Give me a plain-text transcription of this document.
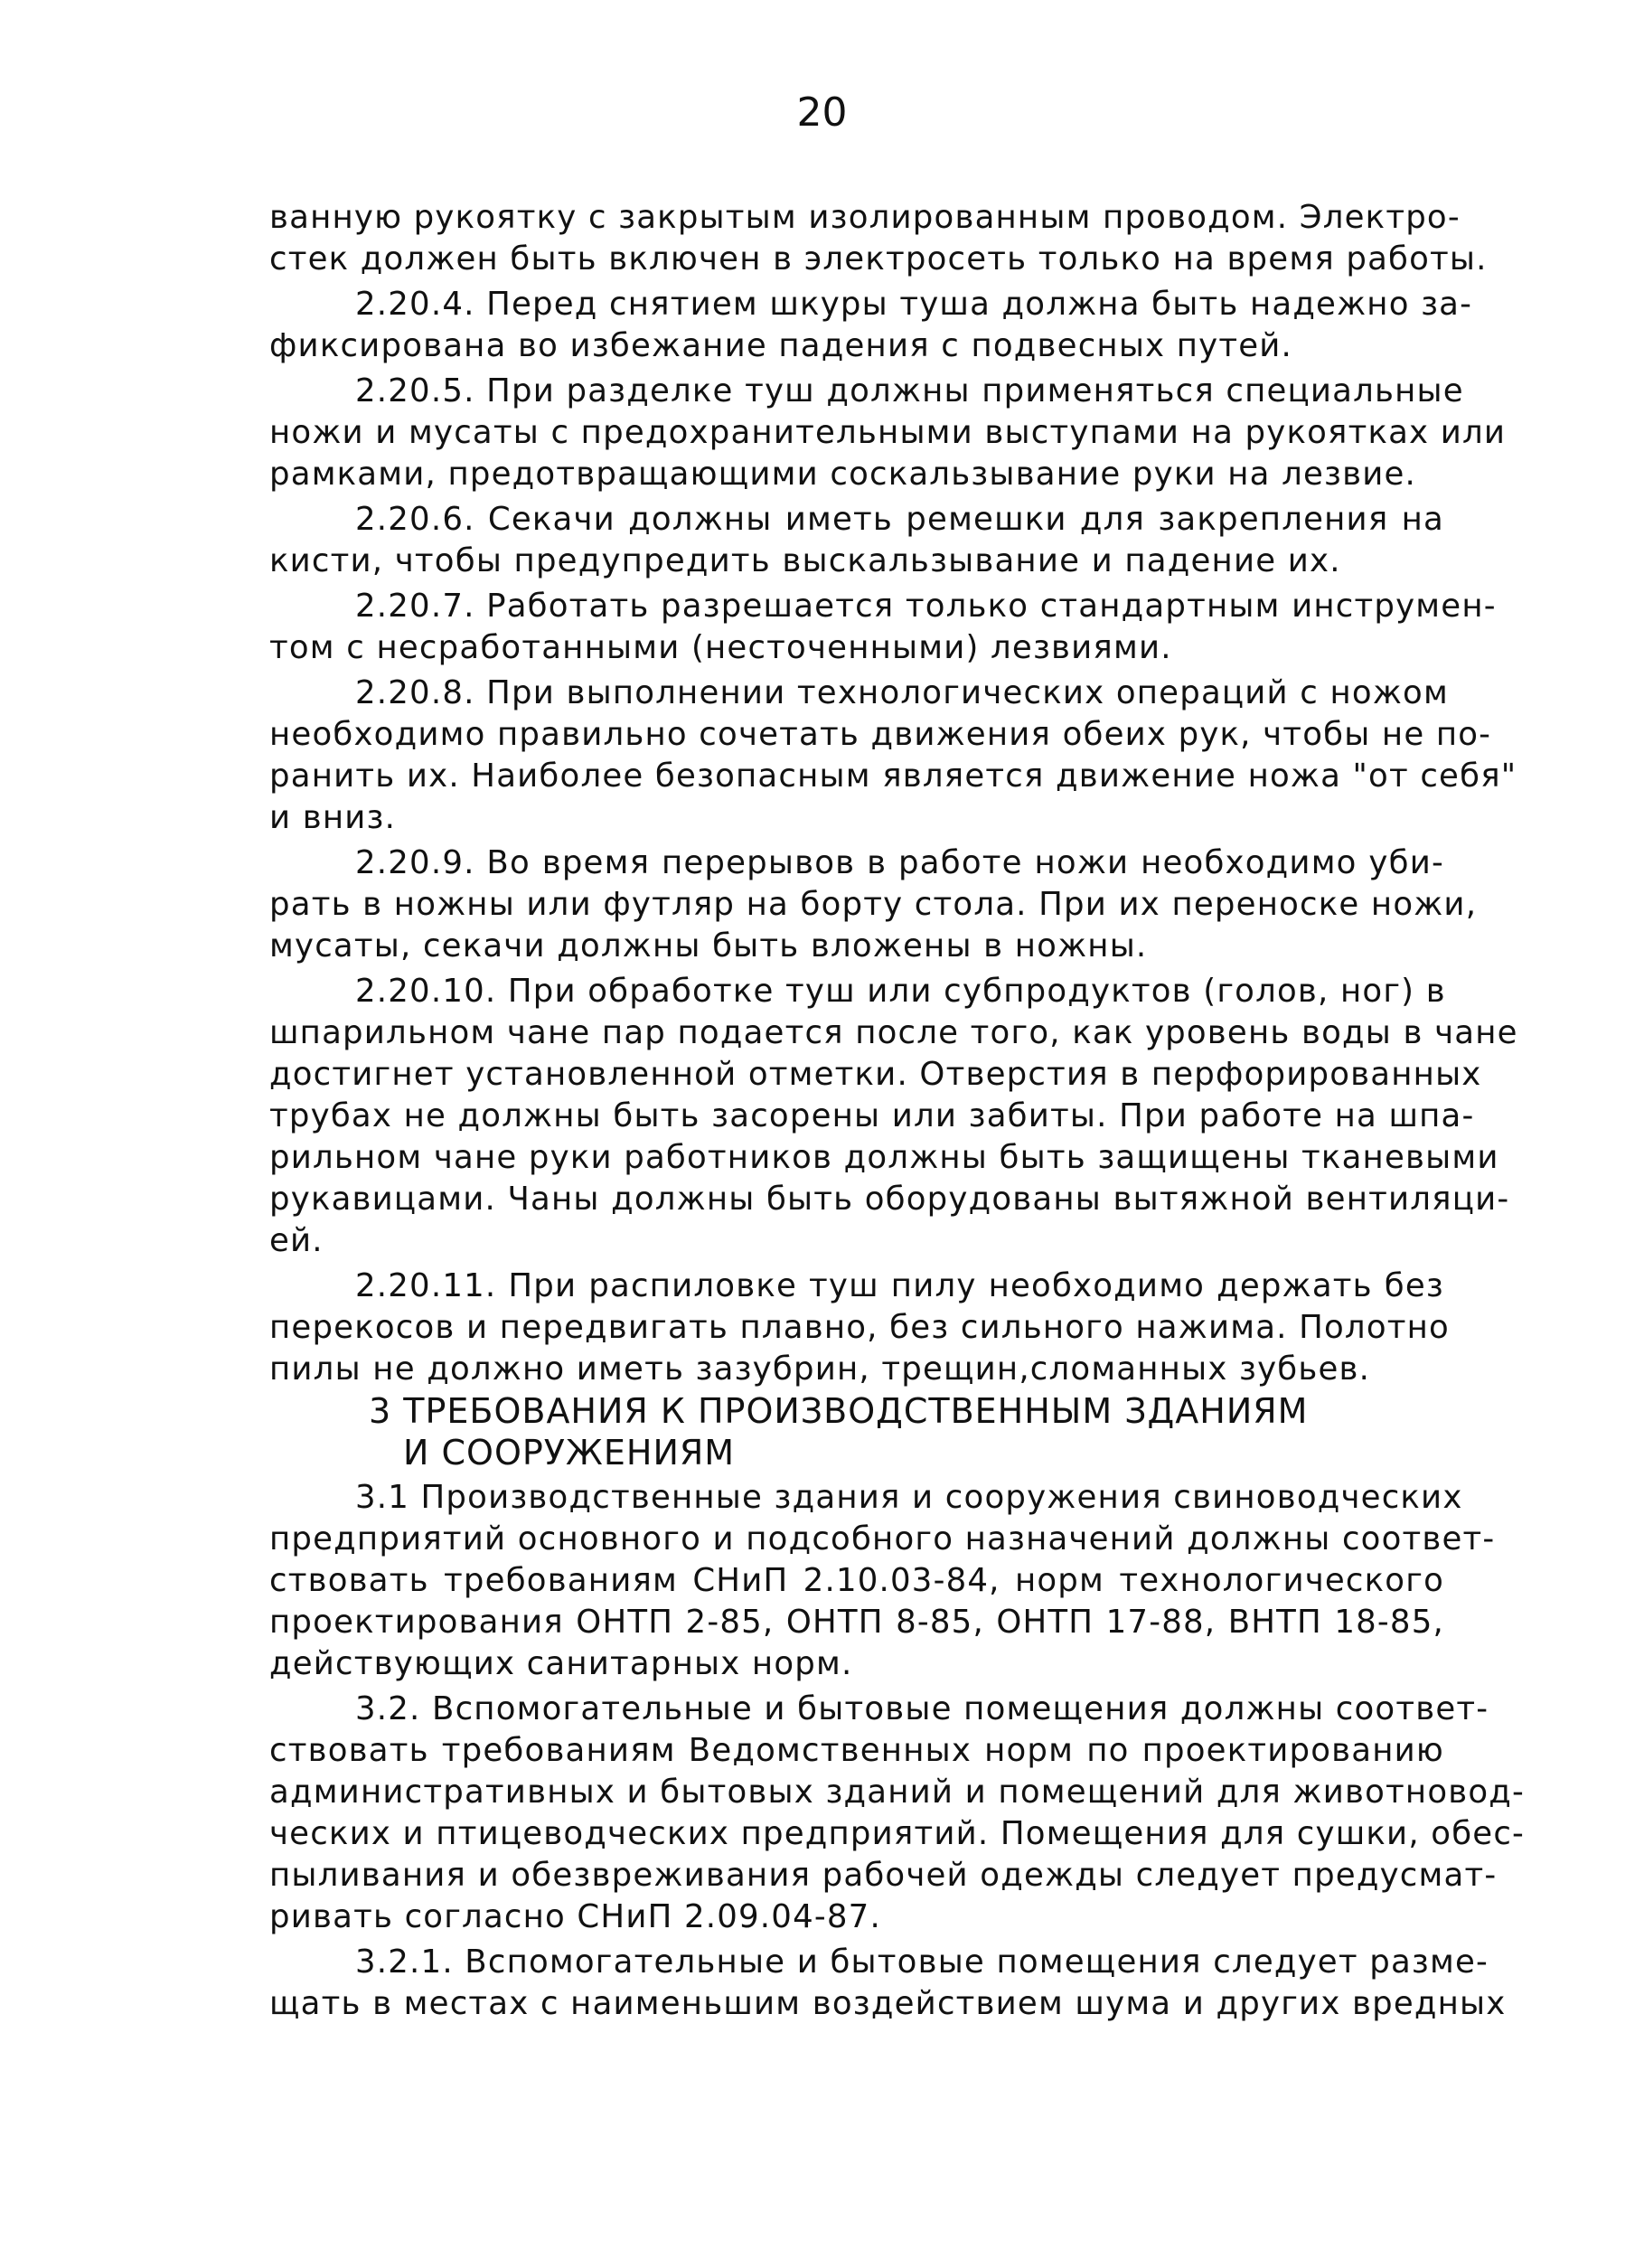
20
ванную рукоятку с закрытым изолированным проводом. Электро-
стек должен быть включен в электросеть только на время работы.
2.20.4. Перед снятием шкуры туша должна быть надежно за-
фиксирована во избежание падения с подвесных путей.
2.20.5. При разделке туш должны применяться специальные
ножи и мусаты с предохранительными выступами на рукоятках или
рамками, предотвращающими соскальзывание руки на лезвие.
2.20.6. Секачи должны иметь ремешки для закрепления на
кисти, чтобы предупредить выскальзывание и падение их.
2.20.7. Работать разрешается только стандартным инструмен-
том с несработанными (несточенными) лезвиями.
2.20.8. При выполнении технологических операций с ножом
необходимо правильно сочетать движения обеих рук, чтобы не по-
ранить их. Наиболее безопасным является движение ножа "от себя"
и вниз.
2.20.9. Во время перерывов в работе ножи необходимо уби-
рать в ножны или футляр на борту стола. При их переноске ножи,
мусаты, секачи должны быть вложены в ножны.
2.20.10. При обработке туш или субпродуктов (голов, ног) в
шпарильном чане пар подается после того, как уровень воды в чане
достигнет установленной отметки. Отверстия в перфорированных
трубах не должны быть засорены или забиты. При работе на шпа-
рильном чане руки работников должны быть защищены тканевыми
рукавицами. Чаны должны быть оборудованы вытяжной вентиляци-
ей.
2.20.11. При распиловке туш пилу необходимо держать без
перекосов и передвигать плавно, без сильного нажима. Полотно
пилы не должно иметь зазубрин, трещин,сломанных зубьев.
3 ТРЕБОВАНИЯ К ПРОИЗВОДСТВЕННЫМ ЗДАНИЯМ
И СООРУЖЕНИЯМ
3.1 Производственные здания и сооружения свиноводческих
предприятий основного и подсобного назначений должны соответ-
ствовать требованиям СНиП 2.10.03-84, норм технологического
проектирования ОНТП 2-85, ОНТП 8-85, ОНТП 17-88, ВНТП 18-85,
действующих санитарных норм.
3.2. Вспомогательные и бытовые помещения должны соответ-
ствовать требованиям Ведомственных норм по проектированию
административных и бытовых зданий и помещений для животновод-
ческих и птицеводческих предприятий. Помещения для сушки, обес-
пыливания и обезвреживания рабочей одежды следует предусмат-
ривать согласно СНиП 2.09.04-87.
3.2.1. Вспомогательные и бытовые помещения следует разме-
щать в местах с наименьшим воздействием шума и других вредных
